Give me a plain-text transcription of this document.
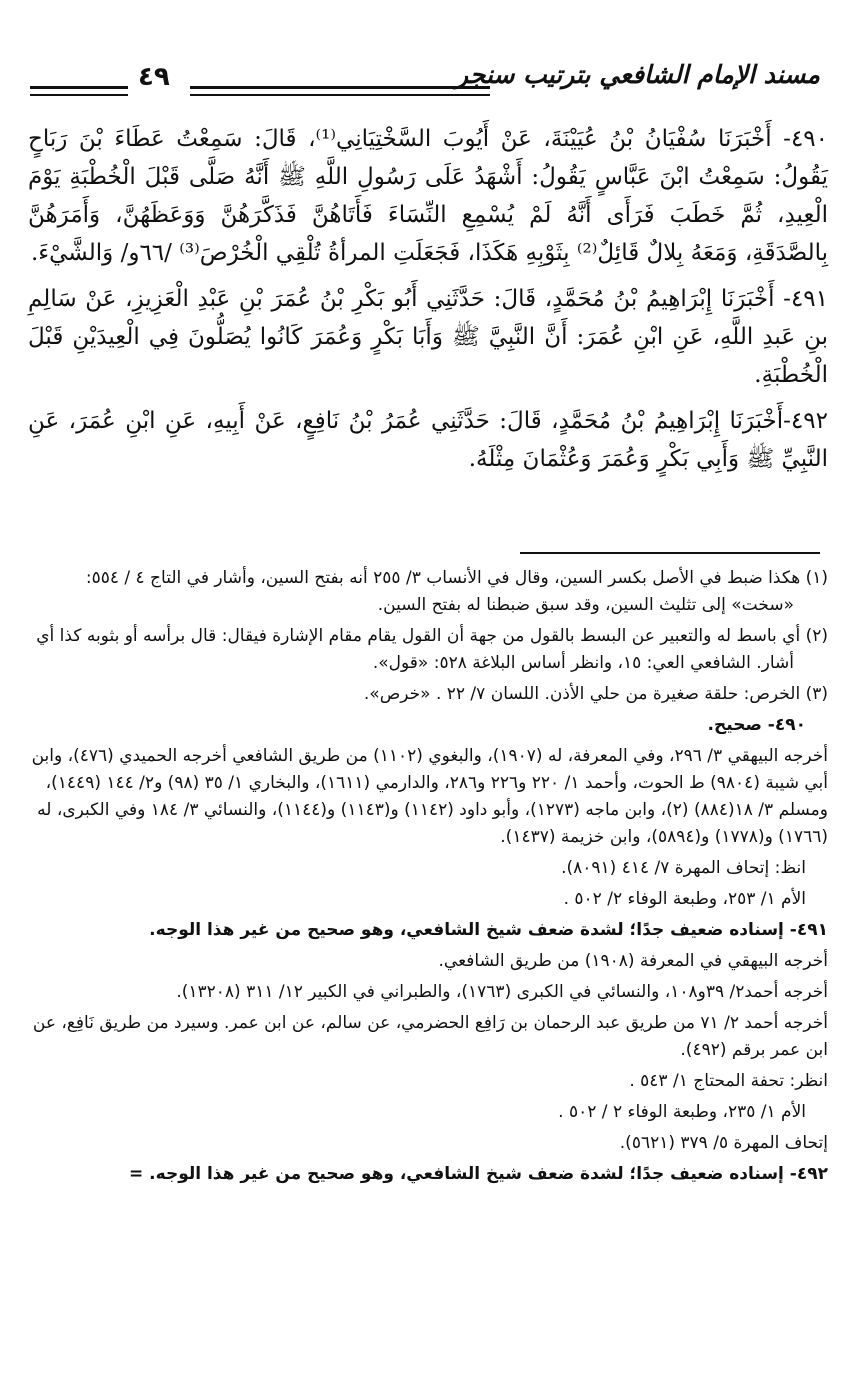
مسند الإمام الشافعي بترتيب سنجر
٤٩

٤٩٠- أَخْبَرَنَا سُفْيَانُ بْنُ عُيَيْنَةَ، عَنْ أَيُوبَ السَّخْتِيَانِي⁽¹⁾، قَالَ: سَمِعْتُ عَطَاءَ بْنَ رَبَاحٍ يَقُولُ: سَمِعْتُ ابْنَ عَبَّاسٍ يَقُولُ: أَشْهَدُ عَلَى رَسُولِ اللَّهِ ﷺ أَنَّهُ صَلَّى قَبْلَ الْخُطْبَةِ يَوْمَ الْعِيدِ، ثُمَّ خَطَبَ فَرَأَى أَنَّهُ لَمْ يُسْمِعِ النِّسَاءَ فَأَتَاهُنَّ فَذَكَّرَهُنَّ وَوَعَظَهُنَّ، وَأَمَرَهُنَّ بِالصَّدَقَةِ، وَمَعَهُ بِلالٌ قَائِلٌ⁽²⁾ بِثَوْبِهِ هَكَذَا، فَجَعَلَتِ المرأةُ تُلْقِي الْخُرْصَ⁽³⁾ /٦٦و/ وَالشَّيْءَ.

٤٩١- أَخْبَرَنَا إِبْرَاهِيمُ بْنُ مُحَمَّدٍ، قَالَ: حَدَّثَنِي أَبُو بَكْرِ بْنُ عُمَرَ بْنِ عَبْدِ الْعَزِيزِ، عَنْ سَالِمِ بنِ عَبدِ اللَّهِ، عَنِ ابْنِ عُمَرَ: أَنَّ النَّبِيَّ ﷺ وَأَبَا بَكْرٍ وَعُمَرَ كَانُوا يُصَلُّونَ فِي الْعِيدَيْنِ قَبْلَ الْخُطْبَةِ.

٤٩٢-أَخْبَرَنَا إِبْرَاهِيمُ بْنُ مُحَمَّدٍ، قَالَ: حَدَّثَنِي عُمَرُ بْنُ نَافِعٍ، عَنْ أَبِيهِ، عَنِ ابْنِ عُمَرَ، عَنِ النَّبِيِّ ﷺ وَأَبِي بَكْرٍ وَعُمَرَ وَعُثْمَانَ مِثْلَهُ.

(١) هكذا ضبط في الأصل بكسر السين، وقال في الأنساب ٣/ ٢٥٥ أنه بفتح السين، وأشار في التاج ٤ / ٥٥٤: «سخت» إلى تثليث السين، وقد سبق ضبطنا له بفتح السين.

(٢) أي باسط له والتعبير عن البسط بالقول من جهة أن القول يقام مقام الإشارة فيقال: قال برأسه أو بثوبه كذا أي أشار. الشافعي العي: ١٥، وانظر أساس البلاغة ٥٢٨: «قول».

(٣) الخرص: حلقة صغيرة من حلي الأذن. اللسان ٧/ ٢٢ . «خرص».

٤٩٠- صحيح.

أخرجه البيهقي ٣/ ٢٩٦، وفي المعرفة، له (١٩٠٧)، والبغوي (١١٠٢) من طريق الشافعي أخرجه الحميدي (٤٧٦)، وابن أبي شيبة (٩٨٠٤) ط الحوت، وأحمد ١/ ٢٢٠ و٢٢٦ و٢٨٦، والدارمي (١٦١١)، والبخاري ١/ ٣٥ (٩٨) و٢/ ١٤٤ (١٤٤٩)، ومسلم ٣/ ١٨(٨٨٤) (٢)، وابن ماجه (١٢٧٣)، وأبو داود (١١٤٢) و(١١٤٣) و(١١٤٤)، والنسائي ٣/ ١٨٤ وفي الكبرى، له (١٧٦٦) و(١٧٧٨) و(٥٨٩٤)، وابن خزيمة (١٤٣٧).

انظ: إتحاف المهرة ٧/ ٤١٤ (٨٠٩١).

الأم ١/ ٢٥٣، وطبعة الوفاء ٢/ ٥٠٢ .

٤٩١- إسناده ضعيف جدًا؛ لشدة ضعف شيخ الشافعي، وهو صحيح من غير هذا الوجه.

أخرجه البيهقي في المعرفة (١٩٠٨) من طريق الشافعي.

أخرجه أحمد٢/ ٣٩و١٠٨، والنسائي في الكبرى (١٧٦٣)، والطبراني في الكبير ١٢/ ٣١١ (١٣٢٠٨).

أخرجه أحمد ٢/ ٧١ من طريق عبد الرحمان بن رَافِع الحضرمي، عن سالم، عن ابن عمر. وسيرد من طريق نَافِع، عن ابن عمر برقم (٤٩٢).

انظر: تحفة المحتاج ١/ ٥٤٣ .

الأم ١/ ٢٣٥، وطبعة الوفاء ٢ / ٥٠٢ .

إتحاف المهرة ٥/ ٣٧٩ (٥٦٢١).

٤٩٢- إسناده ضعيف جدًا؛ لشدة ضعف شيخ الشافعي، وهو صحيح من غير هذا الوجه. =
